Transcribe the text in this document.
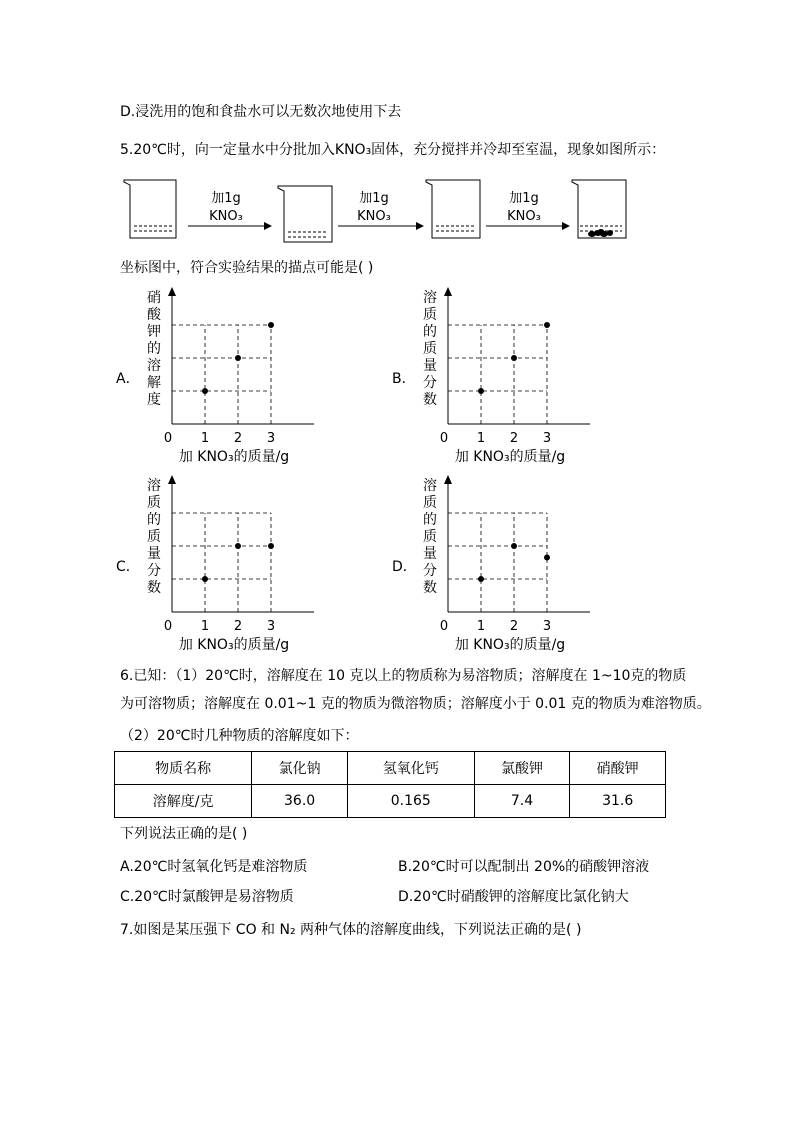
D.浸洗用的饱和食盐水可以无数次地使用下去
5.20℃时，向一定量水中分批加入KNO₃固体，充分搅拌并冷却至室温，现象如图所示：
加1g
KNO₃
加1g
KNO₃
加1g
KNO₃
坐标图中，符合实验结果的描点可能是( )
A．
硝
酸
钾
的
溶
解
度
0 1 2 3
加 KNO₃的质量/g
B．
溶
质
的
质
量
分
数
0 1 2 3
加 KNO₃的质量/g
C．
溶
质
的
质
量
分
数
0 1 2 3
加 KNO₃的质量/g
D．
溶
质
的
质
量
分
数
0 1 2 3
加 KNO₃的质量/g
6.已知：（1）20℃时，溶解度在 10 克以上的物质称为易溶物质；溶解度在 1~10克的物质
为可溶物质；溶解度在 0.01~1 克的物质为微溶物质；溶解度小于 0.01 克的物质为难溶物质。
（2）20℃时几种物质的溶解度如下：
物质名称	氯化钠	氢氧化钙	氯酸钾	硝酸钾
溶解度/克	36.0	0.165	7.4	31.6
下列说法正确的是( )
A.20℃时氢氧化钙是难溶物质	B.20℃时可以配制出 20%的硝酸钾溶液
C.20℃时氯酸钾是易溶物质	D.20℃时硝酸钾的溶解度比氯化钠大
7.如图是某压强下 CO 和 N₂ 两种气体的溶解度曲线，下列说法正确的是( )
